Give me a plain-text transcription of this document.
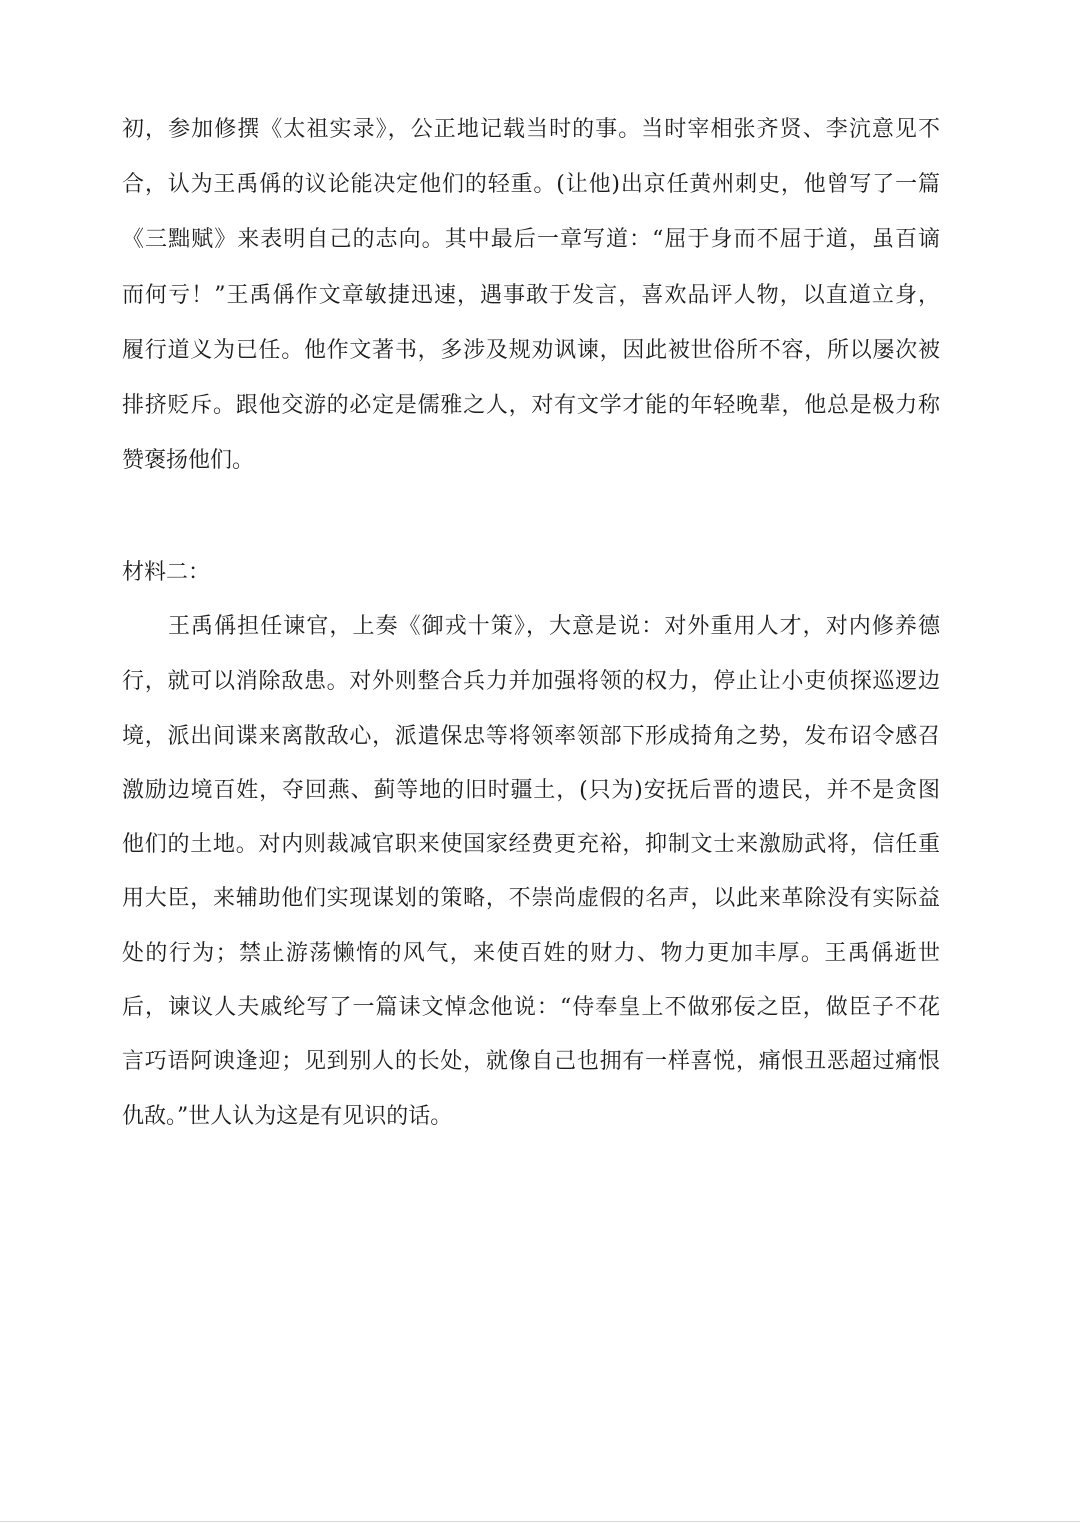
初，参加修撰《太祖实录》，公正地记载当时的事。当时宰相张齐贤、李沆意见不
合，认为王禹偁的议论能决定他们的轻重。(让他)出京任黄州刺史，他曾写了一篇
《三黜赋》来表明自己的志向。其中最后一章写道：“屈于身而不屈于道，虽百谪
而何亏！”王禹偁作文章敏捷迅速，遇事敢于发言，喜欢品评人物，以直道立身，
履行道义为已任。他作文著书，多涉及规劝讽谏，因此被世俗所不容，所以屡次被
排挤贬斥。跟他交游的必定是儒雅之人，对有文学才能的年轻晚辈，他总是极力称
赞褒扬他们。
材料二：
王禹偁担任谏官，上奏《御戎十策》，大意是说：对外重用人才，对内修养德
行，就可以消除敌患。对外则整合兵力并加强将领的权力，停止让小吏侦探巡逻边
境，派出间谍来离散敌心，派遣保忠等将领率领部下形成掎角之势，发布诏令感召
激励边境百姓，夺回燕、蓟等地的旧时疆土，(只为)安抚后晋的遗民，并不是贪图
他们的土地。对内则裁减官职来使国家经费更充裕，抑制文士来激励武将，信任重
用大臣，来辅助他们实现谋划的策略，不崇尚虚假的名声，以此来革除没有实际益
处的行为；禁止游荡懒惰的风气，来使百姓的财力、物力更加丰厚。王禹偁逝世
后，谏议人夫戚纶写了一篇诔文悼念他说：“侍奉皇上不做邪佞之臣，做臣子不花
言巧语阿谀逢迎；见到别人的长处，就像自己也拥有一样喜悦，痛恨丑恶超过痛恨
仇敌。”世人认为这是有见识的话。
